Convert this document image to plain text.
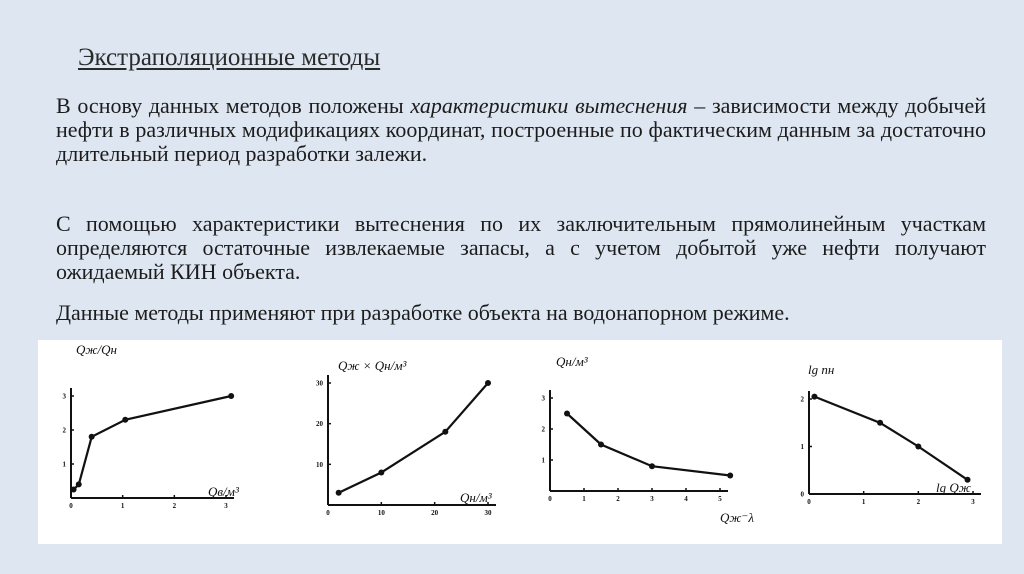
Экстраполяционные методы

В основу данных методов положены характеристики вытеснения – зависимости между добычей нефти в различных модификациях координат, построенные по фактическим данным за достаточно длительный период разработки залежи.

С помощью характеристики вытеснения по их заключительным прямолинейным участкам определяются остаточные извлекаемые запасы, а с учетом добытой уже нефти получают ожидаемый КИН объекта.

Данные методы применяют при разработке объекта на водонапорном режиме.

0	1	2	3
1
2
3
Qж/Qн
Qв/м³
0	10	20	30
10
20
30
Qж × Qн/м³
Qн/м³	0	1	2	3	4	5
1
2
3
Qн/м³
Qж⁻λ
0	1	2	3
0
1
2
lg nн
lg Qж
